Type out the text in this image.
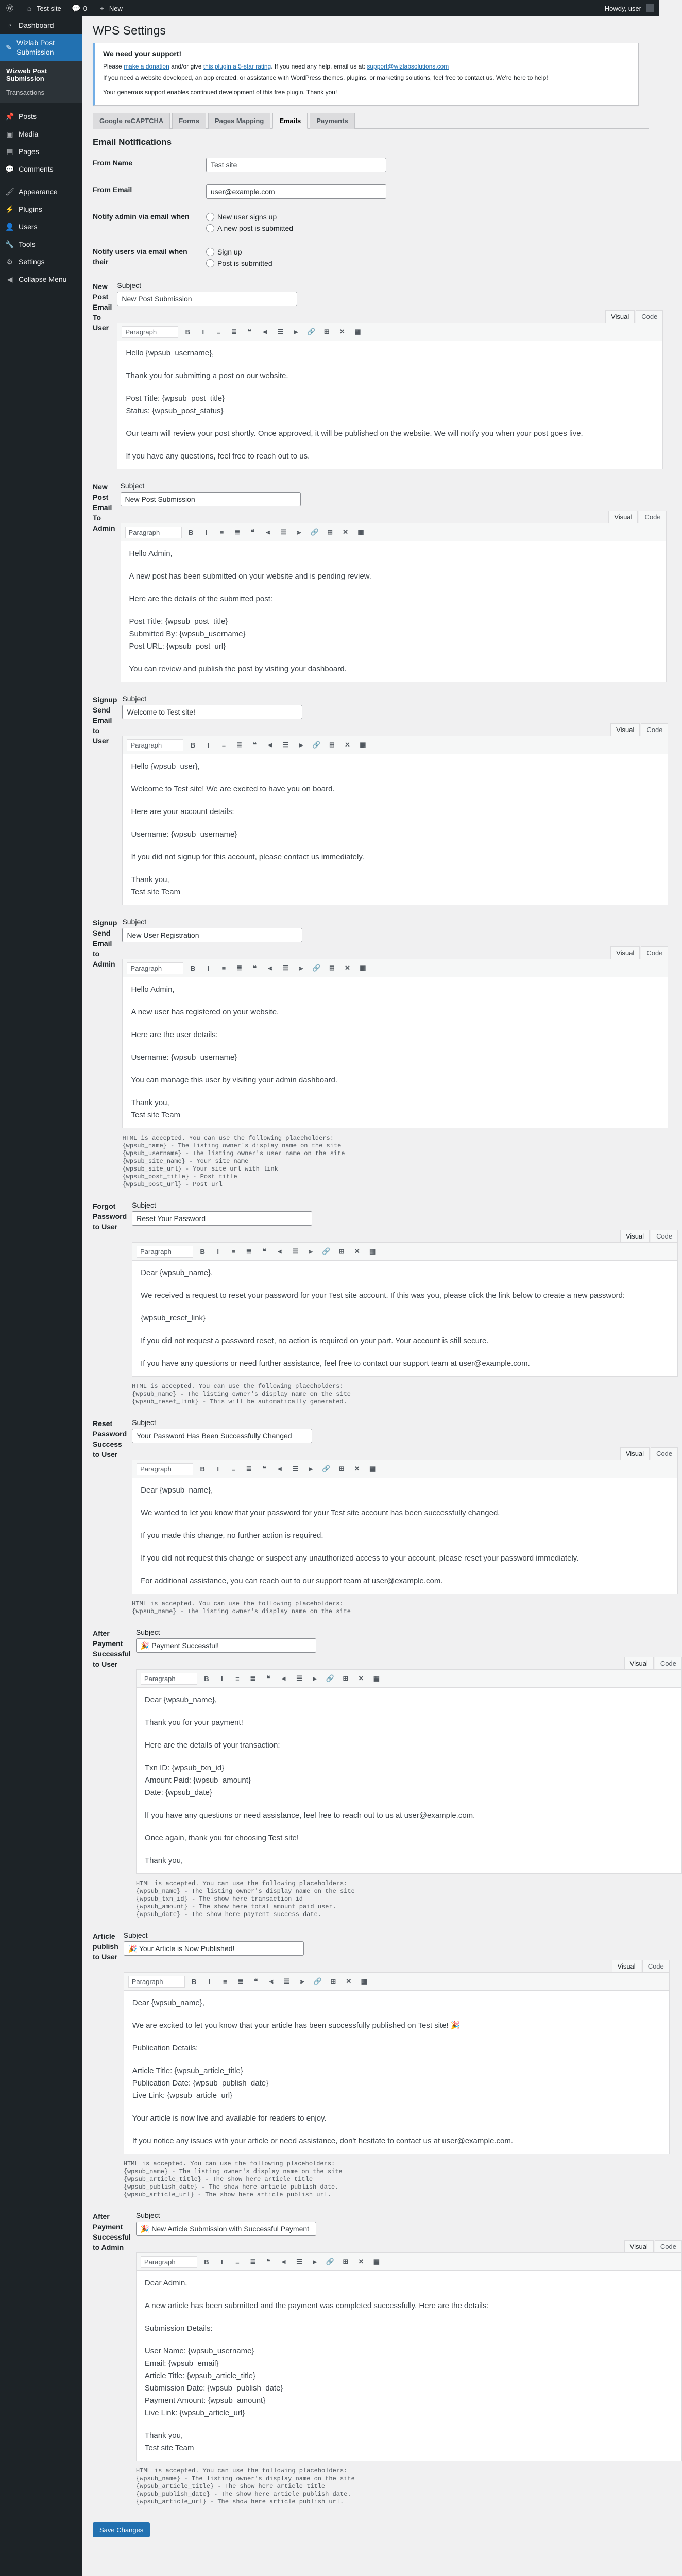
Ⓦ	⌂ Test site 💬 0	+ New	Howdy, user
◔ Dashboard
✎
Wizlab Post Submission
Wizweb Post Submission
Transactions
📌 Posts
▣ Media
▤ Pages
💬 Comments
🖌 Appearance
⚡ Plugins
👤 Users
🔧 Tools
⚙ Settings
◀ Collapse Menu
WPS Settings
We need your support!

Please make a donation and/or give this plugin a 5-star rating. If you need any help, email us at: support@wizlabsolutions.com

If you need a website developed, an app created, or assistance with WordPress themes, plugins, or marketing solutions, feel free to contact us. We're here to help!

Your generous support enables continued development of this free plugin. Thank you!

Google reCAPTCHA	Forms	Pages Mapping	Emails	Payments
Email Notifications
From Name
Test site
From Email
user@example.com
Notify admin via email when	New user signs up
A new post is submitted
Notify users via email when their
Sign up
Post is submitted
New Post Email To User
Subject
New Post Submission
Visual	Code
Paragraph	B	I	≡	≣	❝	⫷	☰	⫸	🔗	⊞	✕	▦

Hello {wpsub_username},

Thank you for submitting a post on our website.

Post Title: {wpsub_post_title}
Status: {wpsub_post_status}

Our team will review your post shortly. Once approved, it will be published on the website. We will notify you when your post goes live.

If you have any questions, feel free to reach out to us.

New Post Email To Admin
Subject
New Post Submission
Visual	Code
Paragraph	B	I	≡	≣	❝	⫷	☰	⫸	🔗	⊞	✕	▦

Hello Admin,

A new post has been submitted on your website and is pending review.

Here are the details of the submitted post:

Post Title: {wpsub_post_title}
Submitted By: {wpsub_username}
Post URL: {wpsub_post_url}

You can review and publish the post by visiting your dashboard.

Signup Send Email to User
Subject
Welcome to Test site!
Visual	Code
Paragraph	B	I	≡	≣	❝	⫷	☰	⫸	🔗	⊞	✕	▦

Hello {wpsub_user},

Welcome to Test site! We are excited to have you on board.

Here are your account details:

Username: {wpsub_username}

If you did not signup for this account, please contact us immediately.

Thank you,
Test site Team

Signup Send Email to Admin
Subject
New User Registration
Visual	Code
Paragraph	B	I	≡	≣	❝	⫷	☰	⫸	🔗	⊞	✕	▦

Hello Admin,

A new user has registered on your website.

Here are the user details:

Username: {wpsub_username}

You can manage this user by visiting your admin dashboard.

Thank you,
Test site Team

HTML is accepted. You can use the following placeholders:
{wpsub_name} - The listing owner's display name on the site
{wpsub_username} - The listing owner's user name on the site
{wpsub_site_name} - Your site name
{wpsub_site_url} - Your site url with link
{wpsub_post_title} - Post title
{wpsub_post_url} - Post url
Forgot Password to User
Subject
Reset Your Password
Visual	Code
Paragraph	B	I	≡	≣	❝	⫷	☰	⫸	🔗	⊞	✕	▦

Dear {wpsub_name},

We received a request to reset your password for your Test site account. If this was you, please click the link below to create a new password:

{wpsub_reset_link}

If you did not request a password reset, no action is required on your part. Your account is still secure.

If you have any questions or need further assistance, feel free to contact our support team at user@example.com.

HTML is accepted. You can use the following placeholders:
{wpsub_name} - The listing owner's display name on the site
{wpsub_reset_link} - This will be automatically generated.
Reset Password Success to User
Subject
Your Password Has Been Successfully Changed
Visual	Code
Paragraph	B	I	≡	≣	❝	⫷	☰	⫸	🔗	⊞	✕	▦

Dear {wpsub_name},

We wanted to let you know that your password for your Test site account has been successfully changed.

If you made this change, no further action is required.

If you did not request this change or suspect any unauthorized access to your account, please reset your password immediately.

For additional assistance, you can reach out to our support team at user@example.com.

HTML is accepted. You can use the following placeholders:
{wpsub_name} - The listing owner's display name on the site
After Payment Successful to User
Subject
🎉 Payment Successful!
Visual	Code
Paragraph	B	I	≡	≣	❝	⫷	☰	⫸	🔗	⊞	✕	▦

Dear {wpsub_name},

Thank you for your payment!

Here are the details of your transaction:

Txn ID: {wpsub_txn_id}
Amount Paid: {wpsub_amount}
Date: {wpsub_date}

If you have any questions or need assistance, feel free to reach out to us at user@example.com.

Once again, thank you for choosing Test site!

Thank you,

HTML is accepted. You can use the following placeholders:
{wpsub_name} - The listing owner's display name on the site
{wpsub_txn_id} - The show here transaction id
{wpsub_amount} - The show here total amount paid user.
{wpsub_date} - The show here payment success date.
Article publish to User
Subject
🎉 Your Article is Now Published!
Visual	Code
Paragraph	B	I	≡	≣	❝	⫷	☰	⫸	🔗	⊞	✕	▦

Dear {wpsub_name},

We are excited to let you know that your article has been successfully published on Test site! 🎉

Publication Details:

Article Title: {wpsub_article_title}
Publication Date: {wpsub_publish_date}
Live Link: {wpsub_article_url}

Your article is now live and available for readers to enjoy.

If you notice any issues with your article or need assistance, don't hesitate to contact us at user@example.com.

HTML is accepted. You can use the following placeholders:
{wpsub_name} - The listing owner's display name on the site
{wpsub_article_title} - The show here article title
{wpsub_publish_date} - The show here article publish date.
{wpsub_article_url} - The show here article publish url.
After Payment Successful to Admin
Subject
🎉 New Article Submission with Successful Payment
Visual	Code
Paragraph	B	I	≡	≣	❝	⫷	☰	⫸	🔗	⊞	✕	▦

Dear Admin,

A new article has been submitted and the payment was completed successfully. Here are the details:

Submission Details:

User Name: {wpsub_username}
Email: {wpsub_email}
Article Title: {wpsub_article_title}
Submission Date: {wpsub_publish_date}
Payment Amount: {wpsub_amount}
Live Link: {wpsub_article_url}

Thank you,
Test site Team

HTML is accepted. You can use the following placeholders:
{wpsub_name} - The listing owner's display name on the site
{wpsub_article_title} - The show here article title
{wpsub_publish_date} - The show here article publish date.
{wpsub_article_url} - The show here article publish url.
Save Changes
